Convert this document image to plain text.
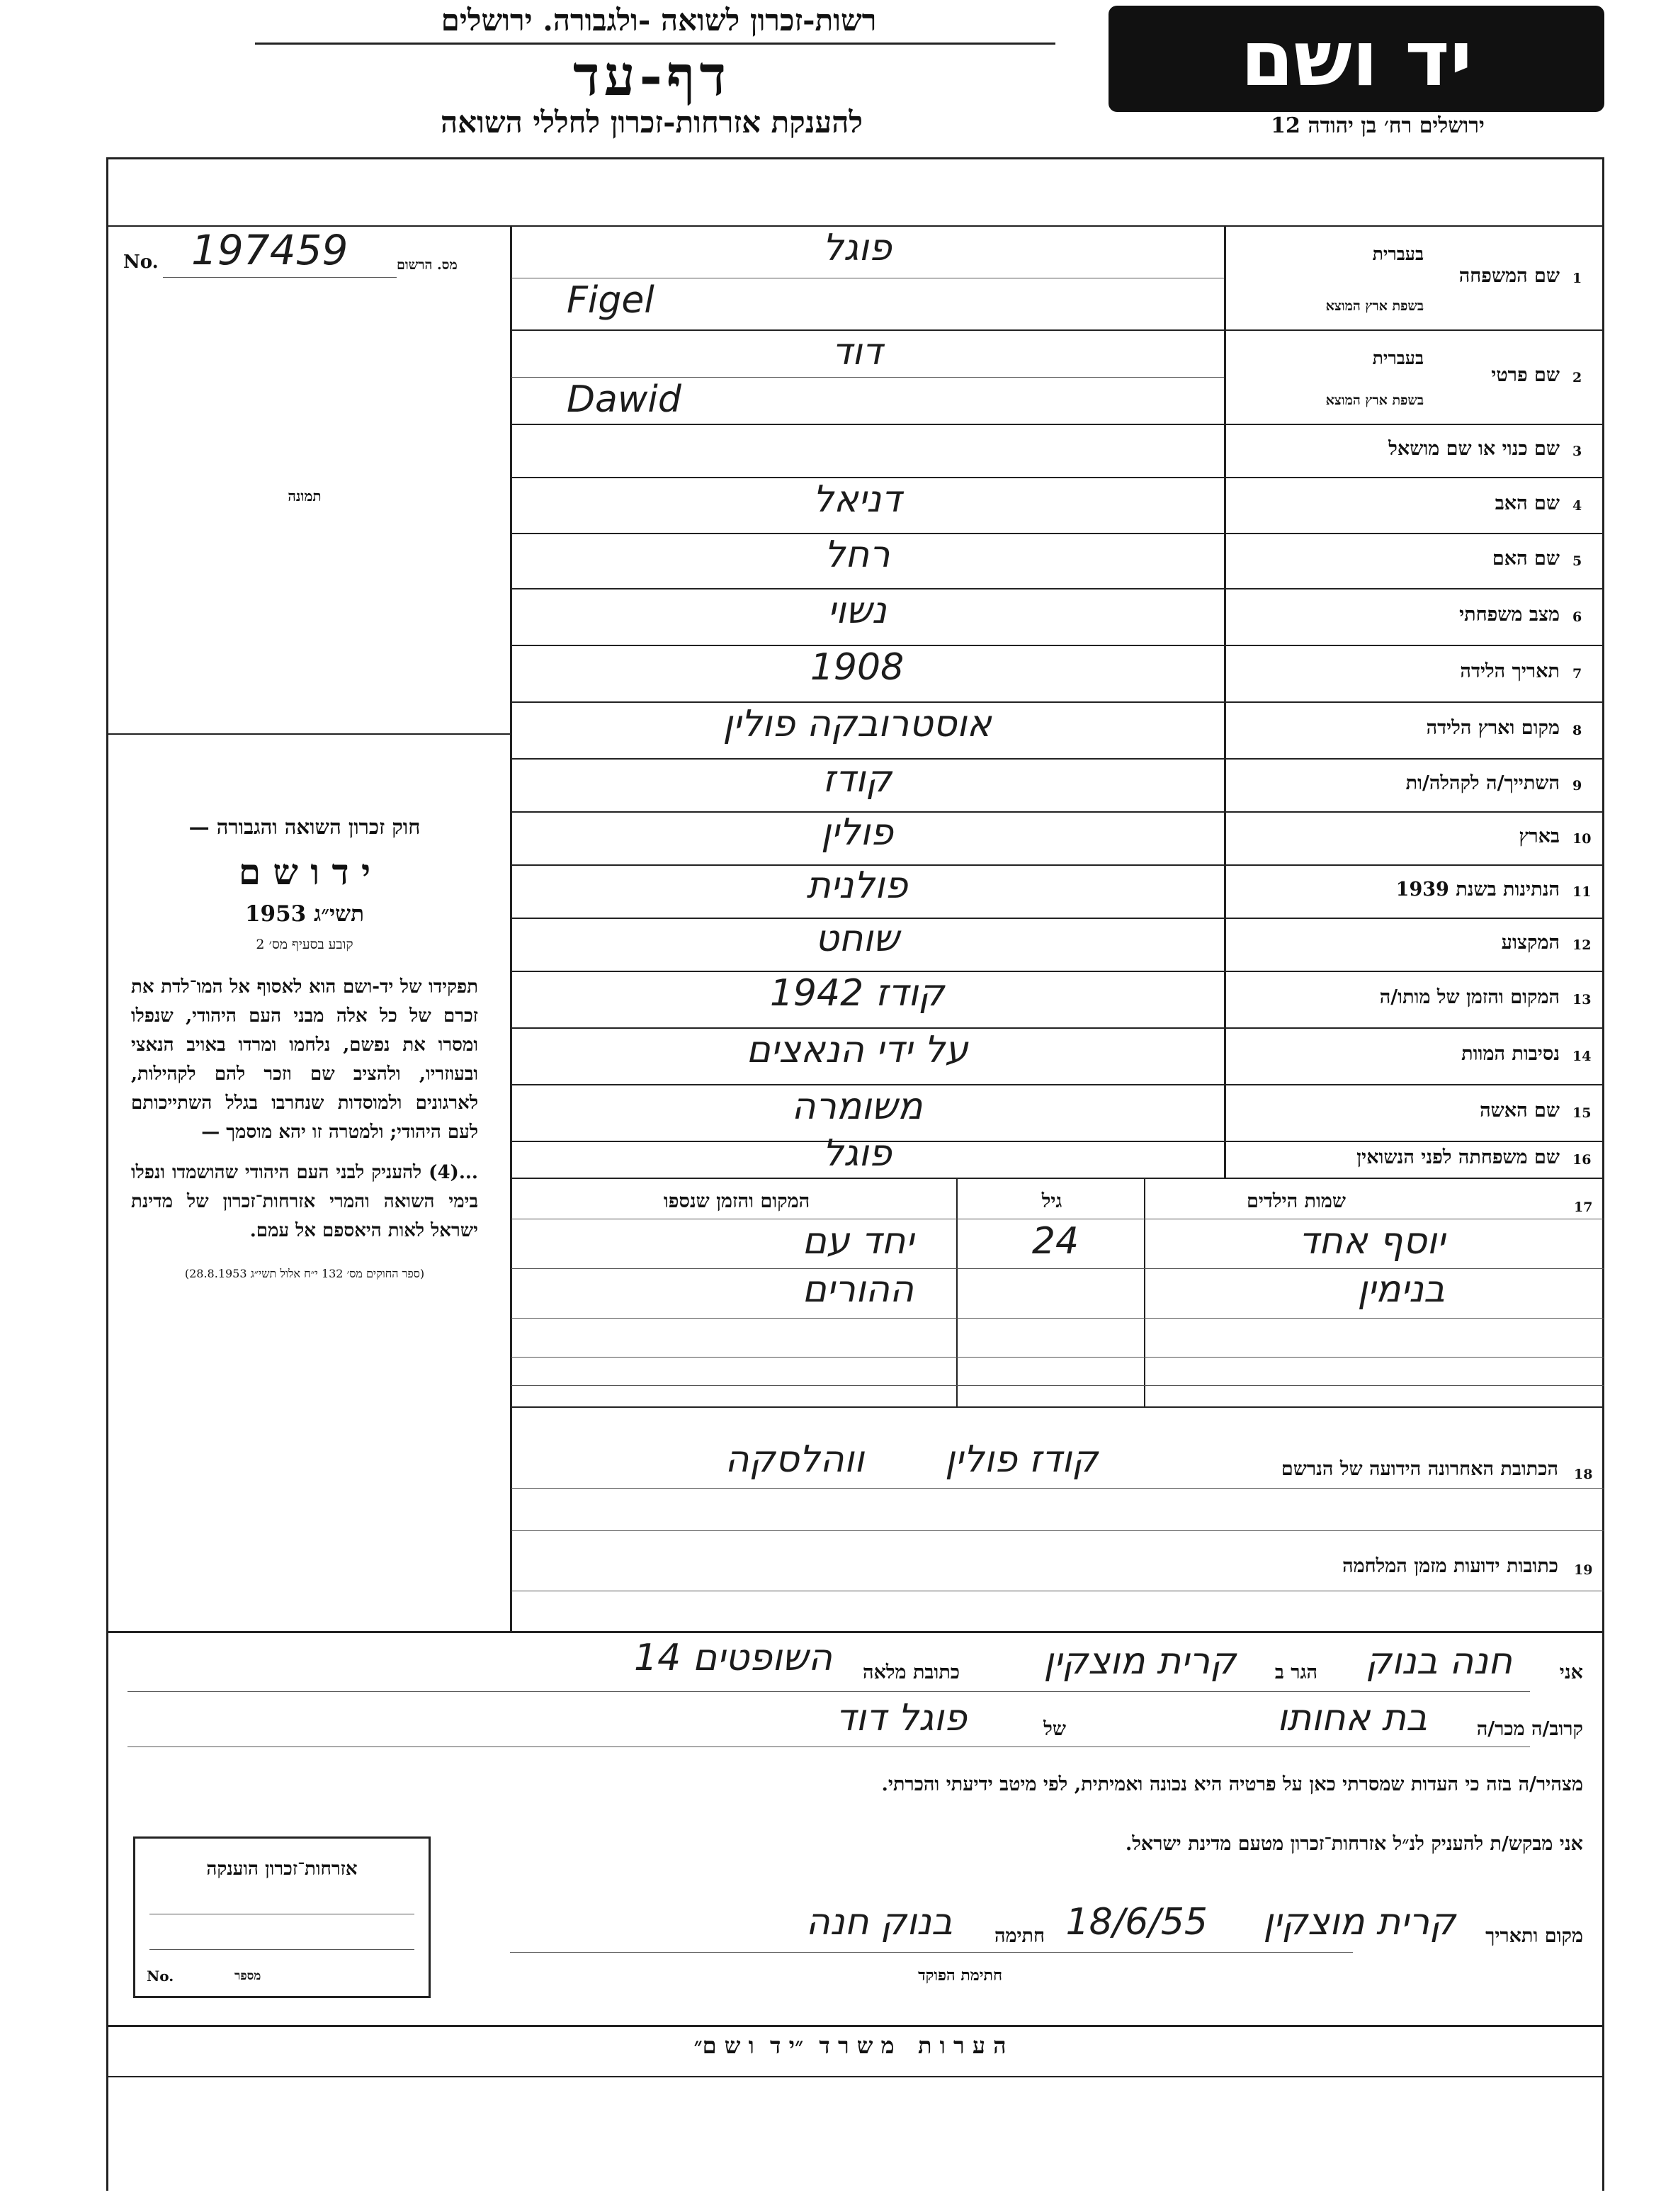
רשות-זכרון לשואה -ולגבורה. ירושלים
דף-עד
להענקת אזרחות-זכרון לחללי השואה
יד ושם
ירושלים רח׳ בן יהודה 12
No. 197459	מס. הרשום
תמונה
חוק זכרון השואה והגבורה —
י ד ו ש ם
תשי״ג 1953
קובע בסעיף מס׳ 2
תפקידו של יד-ושם הוא לאסוף אל המו־לדת את זכרם של כל אלה מבני העם היהודי, שנפלו ומסרו את נפשם, נלחמו ומרדו באויב הנאצי ובעוזריו, ולהציב שם וזכר להם לקהילות, לארגונים ולמוסדות שנחרבו בגלל השתייכותם לעם היהודי; ולמטרה זו יהא מוסמך —
...(4) להעניק לבני העם היהודי שהושמדו ונפלו בימי השואה והמרי אזרחות־זכרון של מדינת ישראל לאות היאספם אל עמם.
(ספר החוקים מס׳ 132 י״ח אלול תשי״ג 28.8.1953)
1
שם המשפחה
בעברית
בשפת ארץ המוצא
פוגל
Figel
2
שם פרטי
בעברית
בשפת ארץ המוצא
דוד
Dawid
3
שם כנוי או שם מושאל
4
שם האב
דניאל
5
שם האם
רחל
6
מצב משפחתי
נשוי
7
תאריך הלידה
1908
8
מקום וארץ הלידה
אוסטרובקה פולין
9
השתייך/ה לקהלה/ות
קודז
10
בארץ
פולין
11
הנתינות בשנת 1939
פולנית
12
המקצוע
שוחט
13
המקום והזמן של מותו/ה
קודז 1942
14
נסיבות המוות
על ידי הנאצים
15
שם האשה
משומרה
16
שם משפחתה לפני הנשואין
פוגל
17
שמות הילדים
גיל
המקום והזמן שנספו
יוסף אחד
בנימין
24
יחד עם
ההורים
18
הכתובת האחרונה הידועה של הנרשם
קודז פולין
ווהלסקה
19
כתובות ידועות מזמן המלחמה
אני
חנה בנוק
הגר ב
קרית מוצקין
כתובת מלאה
השופטים 14
קרוב/ה מכר/ה
בת אחותו
של
פוגל דוד
מצהיר/ה בזה כי העדות שמסרתי כאן על פרטיה היא נכונה ואמיתית, לפי מיטב ידיעתי והכרתי.
אני מבקש/ת להעניק לנ״ל אזרחות־זכרון מטעם מדינת ישראל.
מקום ותאריך
קרית מוצקין
18/6/55
חתימה
בנוק חנה
חתימת הפוקד
אזרחות־זכרון הוענקה
No.	מספר
ה ע ר ו ת   מ ש ר ד  ״י ד  ו ש ם״
